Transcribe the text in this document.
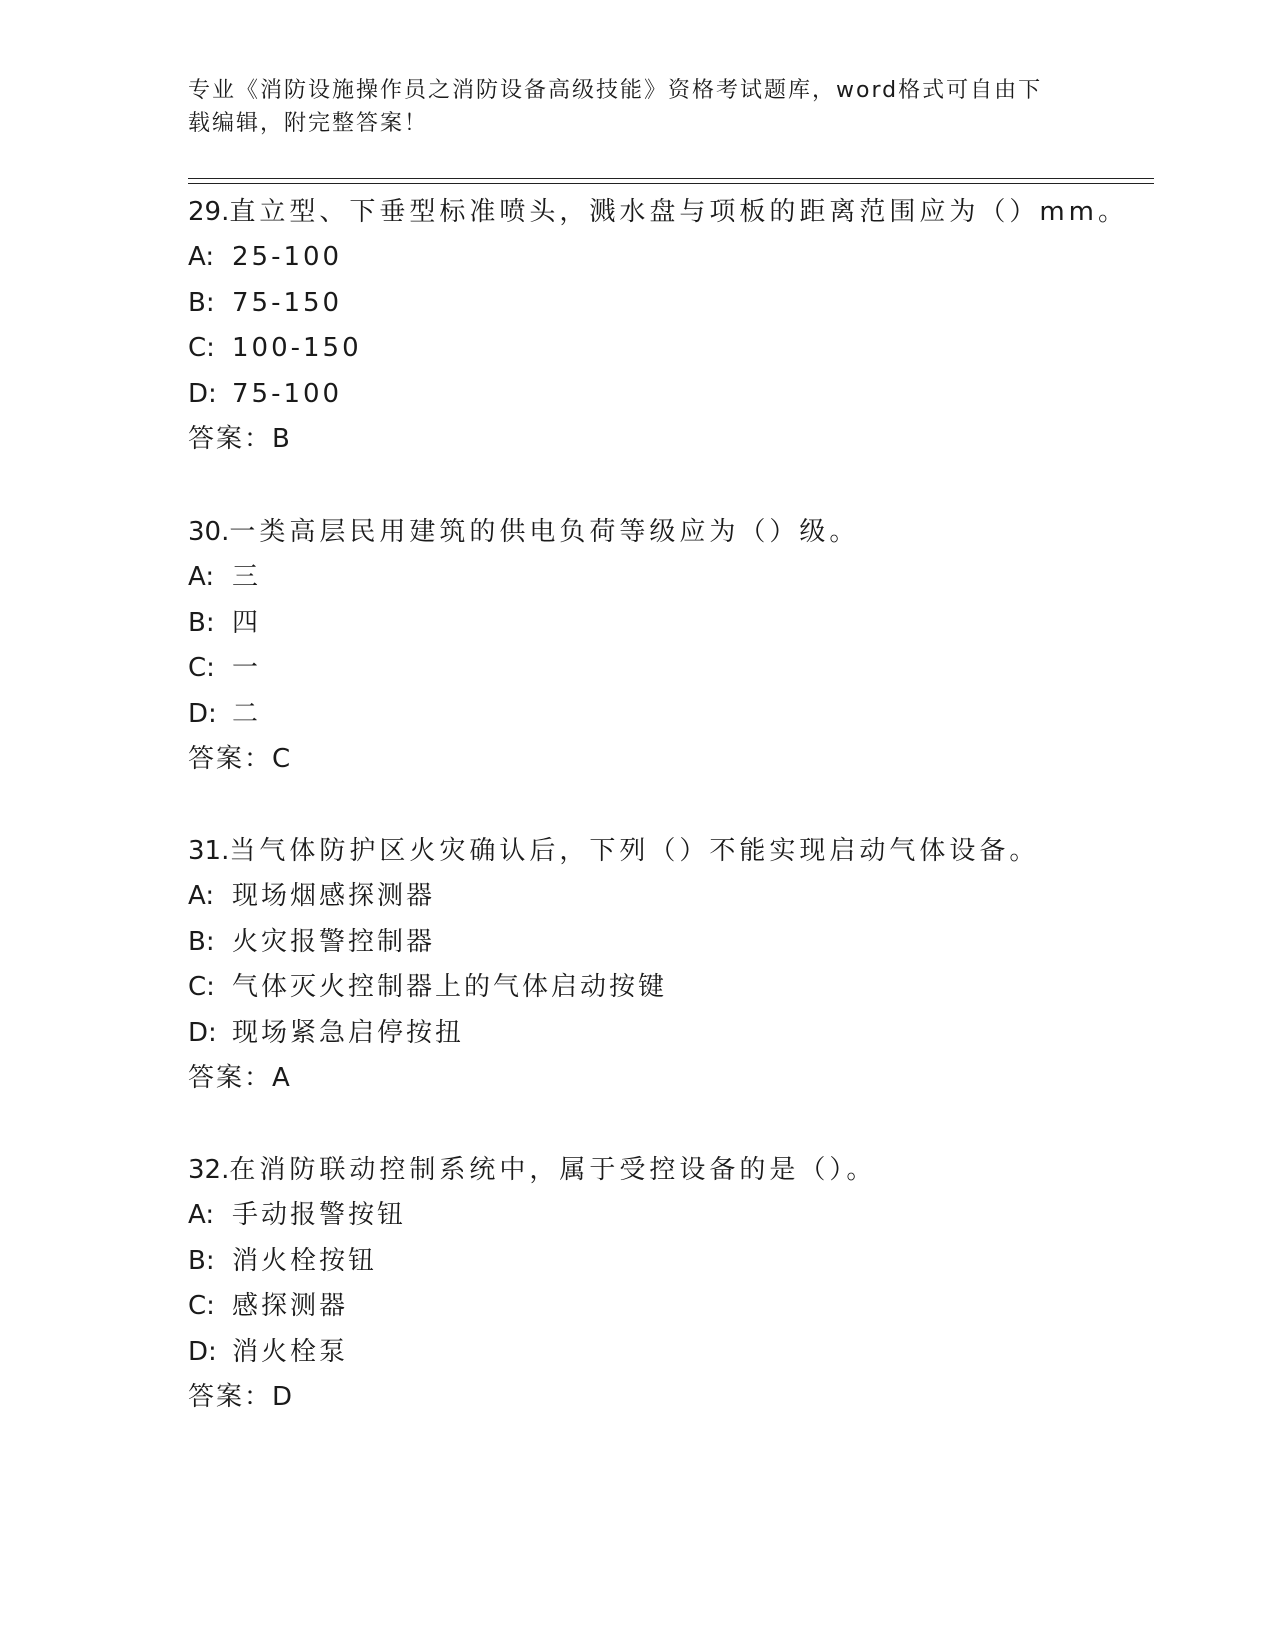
专业《消防设施操作员之消防设备高级技能》资格考试题库，word格式可自由下
载编辑，附完整答案！
29.直立型、下垂型标准喷头，溅水盘与项板的距离范围应为（）mm。
A: 25-100
B: 75-150
C: 100-150
D: 75-100
答案：B
30.一类高层民用建筑的供电负荷等级应为（）级。
A: 三
B: 四
C: 一
D: 二
答案：C
31.当气体防护区火灾确认后，下列（）不能实现启动气体设备。
A: 现场烟感探测器
B: 火灾报警控制器
C: 气体灭火控制器上的气体启动按键
D: 现场紧急启停按扭
答案：A
32.在消防联动控制系统中，属于受控设备的是（）。
A: 手动报警按钮
B: 消火栓按钮
C: 感探测器
D: 消火栓泵
答案：D
